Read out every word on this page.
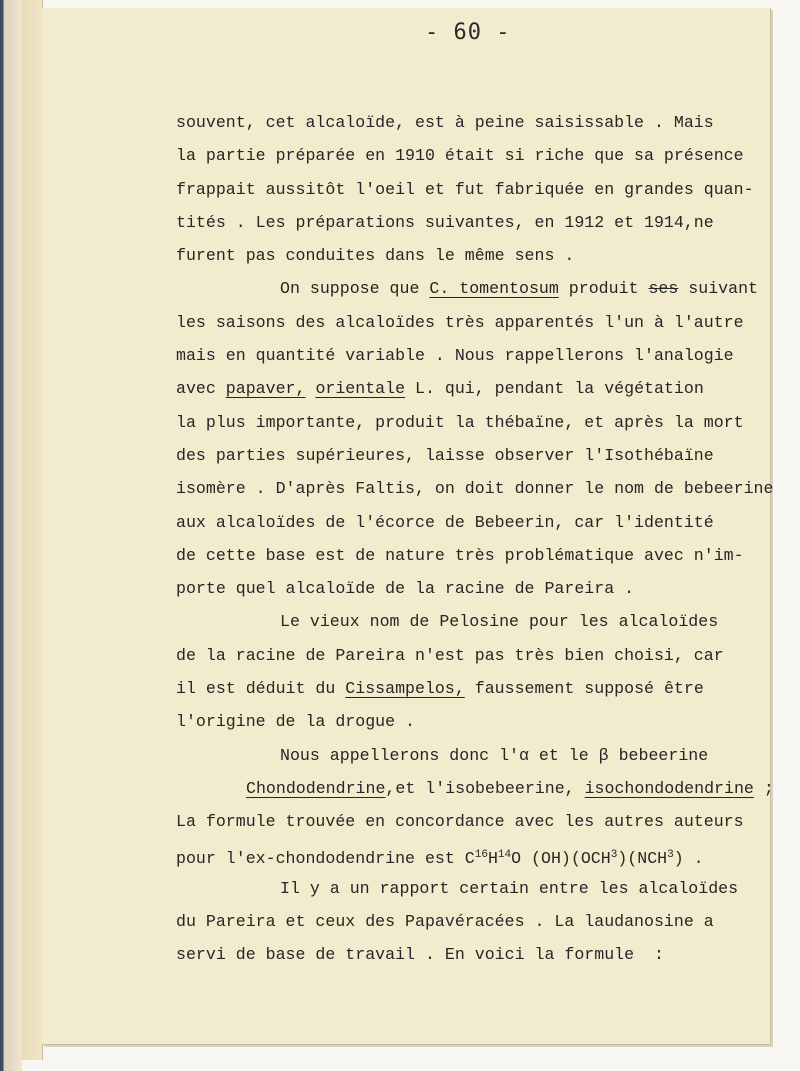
- 60 -
souvent, cet alcaloïde, est à peine saisissable . Mais
la partie préparée en 1910 était si riche que sa présence
frappait aussitôt l'oeil et fut fabriquée en grandes quan-
tités . Les préparations suivantes, en 1912 et 1914,ne
furent pas conduites dans le même sens .
On suppose que C. tomentosum produit ses suivant
les saisons des alcaloïdes très apparentés l'un à l'autre
mais en quantité variable . Nous rappellerons l'analogie
avec papaver, orientale L. qui, pendant la végétation
la plus importante, produit la thébaïne, et après la mort
des parties supérieures, laisse observer l'Isothébaïne
isomère . D'après Faltis, on doit donner le nom de bebeerine
aux alcaloïdes de l'écorce de Bebeerin, car l'identité
de cette base est de nature très problématique avec n'im-
porte quel alcaloïde de la racine de Pareira .
Le vieux nom de Pelosine pour les alcaloïdes
de la racine de Pareira n'est pas très bien choisi, car
il est déduit du Cissampelos, faussement supposé être
l'origine de la drogue .
Nous appellerons donc l'α et le β bebeerine
Chondodendrine,et l'isobebeerine, isochondodendrine ;
La formule trouvée en concordance avec les autres auteurs
pour l'ex-chondodendrine est $C^{16}H^{14}O$ (OH)(OCH$^3$)(NCH$^3$) .
Il y a un rapport certain entre les alcaloïdes
du Pareira et ceux des Papavéracées . La laudanosine a
servi de base de travail . En voici la formule  :
